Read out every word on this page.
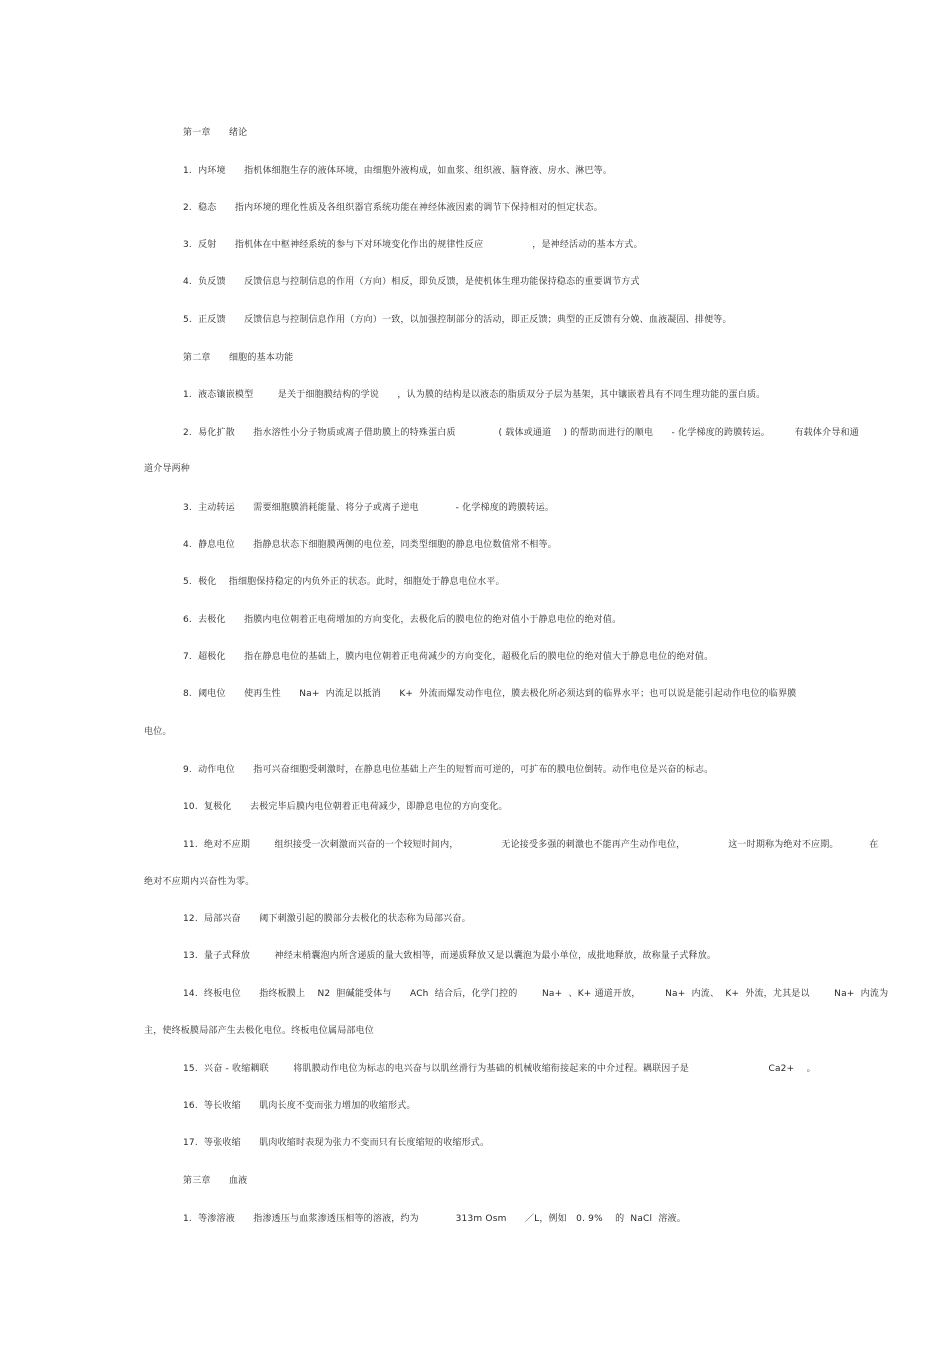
第一章      绪论
1.  内环境      指机体细胞生存的液体环境，由细胞外液构成，如血浆、组织液、脑脊液、房水、淋巴等。
2.  稳态      指内环境的理化性质及各组织器官系统功能在神经体液因素的调节下保持相对的恒定状态。
3.  反射      指机体在中枢神经系统的参与下对环境变化作出的规律性反应                ，是神经活动的基本方式。
4.  负反馈      反馈信息与控制信息的作用（方向）相反，即负反馈，是使机体生理功能保持稳态的重要调节方式
5.  正反馈      反馈信息与控制信息作用（方向）一致，以加强控制部分的活动，即正反馈；典型的正反馈有分娩、血液凝固、排便等。
第二章      细胞的基本功能
1.  液态镶嵌模型        是关于细胞膜结构的学说      ，认为膜的结构是以液态的脂质双分子层为基架，其中镶嵌着具有不同生理功能的蛋白质。
2.  易化扩散      指水溶性小分子物质或离子借助膜上的特殊蛋白质              ( 载体或通道    ) 的帮助而进行的顺电      - 化学梯度的跨膜转运。        有载体介导和通
道介导两种
3.  主动转运      需要细胞膜消耗能量、将分子或离子逆电            - 化学梯度的跨膜转运。
4.  静息电位      指静息状态下细胞膜两侧的电位差，同类型细胞的静息电位数值常不相等。
5.  极化    指细胞保持稳定的内负外正的状态。此时，细胞处于静息电位水平。
6.  去极化      指膜内电位朝着正电荷增加的方向变化，去极化后的膜电位的绝对值小于静息电位的绝对值。
7.  超极化      指在静息电位的基础上，膜内电位朝着正电荷减少的方向变化，超极化后的膜电位的绝对值大于静息电位的绝对值。
8.  阈电位      使再生性      Na+  内流足以抵消      K+  外流而爆发动作电位，膜去极化所必须达到的临界水平；也可以说是能引起动作电位的临界膜
电位。
9.  动作电位      指可兴奋细胞受刺激时，在静息电位基础上产生的短暂而可逆的，可扩布的膜电位倒转。动作电位是兴奋的标志。
10.  复极化      去极完毕后膜内电位朝着正电荷减少，即静息电位的方向变化。
11.  绝对不应期        组织接受一次刺激而兴奋的一个较短时间内，              无论接受多强的刺激也不能再产生动作电位，              这一时期称为绝对不应期。          在
绝对不应期内兴奋性为零。
12.  局部兴奋      阈下刺激引起的膜部分去极化的状态称为局部兴奋。
13.  量子式释放        神经末梢囊泡内所含递质的量大致相等，而递质释放又是以囊泡为最小单位，成批地释放，故称量子式释放。
14.  终板电位      指终板膜上    N2  胆碱能受体与      ACh  结合后，化学门控的        Na+  、K+ 通道开放，        Na+  内流、  K+  外流，尤其是以        Na+  内流为
主，使终板膜局部产生去极化电位。终板电位属局部电位
15.  兴奋 - 收缩耦联        将肌膜动作电位为标志的电兴奋与以肌丝滑行为基础的机械收缩衔接起来的中介过程。耦联因子是                          Ca2+    。
16.  等长收缩      肌肉长度不变而张力增加的收缩形式。
17.  等张收缩      肌肉收缩时表现为张力不变而只有长度缩短的收缩形式。
第三章      血液
1.  等渗溶液      指渗透压与血浆渗透压相等的溶液，约为            313m Osm      ／L，例如   0. 9%    的  NaCl  溶液。
